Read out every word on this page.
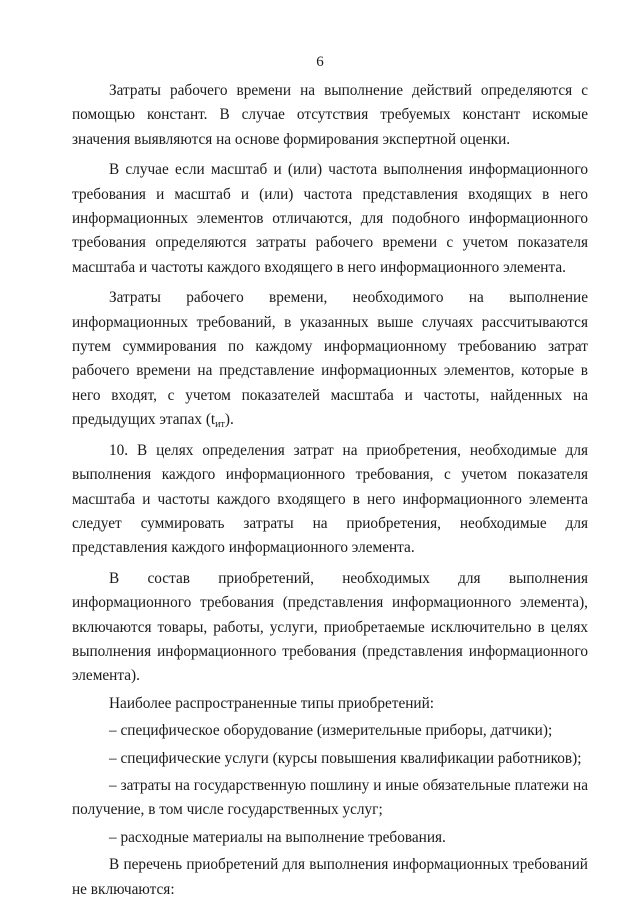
6

Затраты рабочего времени на выполнение действий определяются с помощью констант. В случае отсутствия требуемых констант искомые значения выявляются на основе формирования экспертной оценки.

В случае если масштаб и (или) частота выполнения информационного требования и масштаб и (или) частота представления входящих в него информационных элементов отличаются, для подобного информационного требования определяются затраты рабочего времени с учетом показателя масштаба и частоты каждого входящего в него информационного элемента.

Затраты рабочего времени, необходимого на выполнение информационных требований, в указанных выше случаях рассчитываются путем суммирования по каждому информационному требованию затрат рабочего времени на представление информационных элементов, которые в него входят, с учетом показателей масштаба и частоты, найденных на предыдущих этапах $(t_{ит})$.

10. В целях определения затрат на приобретения, необходимые для выполнения каждого информационного требования, с учетом показателя масштаба и частоты каждого входящего в него информационного элемента следует суммировать затраты на приобретения, необходимые для представления каждого информационного элемента.

В состав приобретений, необходимых для выполнения информационного требования (представления информационного элемента), включаются товары, работы, услуги, приобретаемые исключительно в целях выполнения информационного требования (представления информационного элемента).

Наиболее распространенные типы приобретений:

– специфическое оборудование (измерительные приборы, датчики);

– специфические услуги (курсы повышения квалификации работников);

– затраты на государственную пошлину и иные обязательные платежи на получение, в том числе государственных услуг;

– расходные материалы на выполнение требования.

В перечень приобретений для выполнения информационных требований не включаются:
